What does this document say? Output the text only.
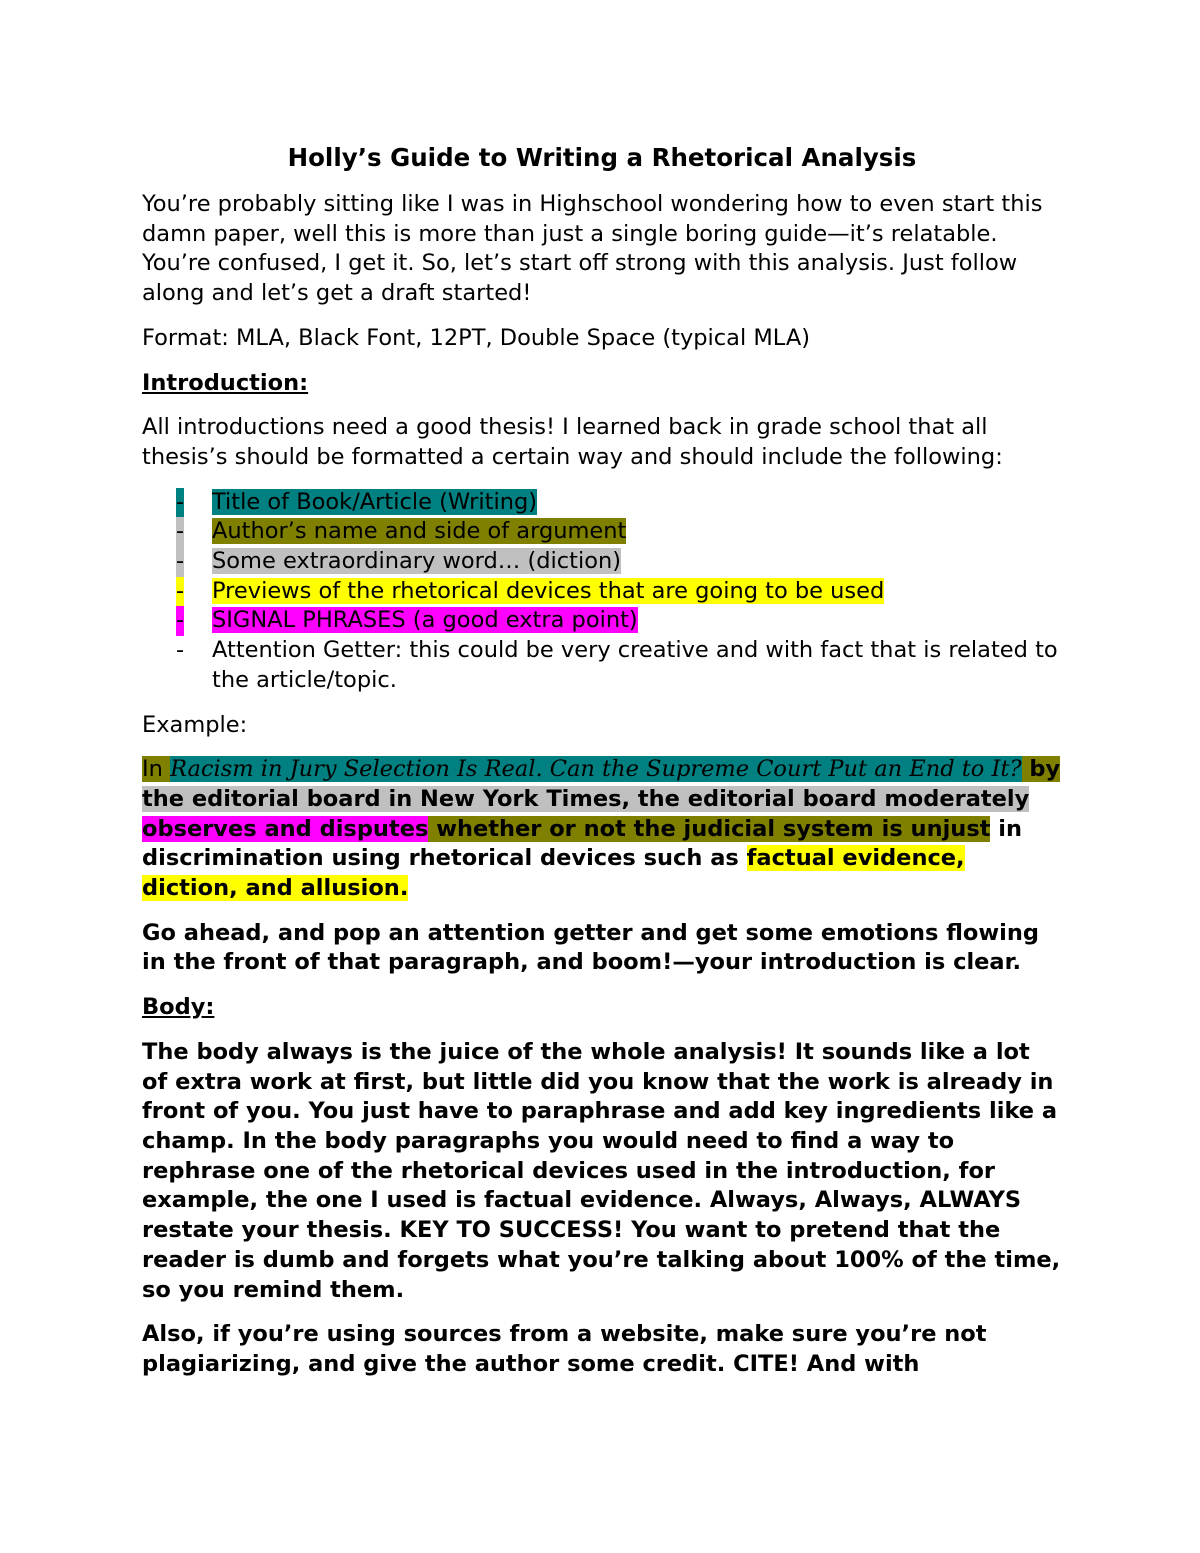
Holly’s Guide to Writing a Rhetorical Analysis

You’re probably sitting like I was in Highschool wondering how to even start this damn paper, well this is more than just a single boring guide—it’s relatable. You’re confused, I get it. So, let’s start off strong with this analysis. Just follow along and let’s get a draft started!

Format: MLA, Black Font, 12PT, Double Space (typical MLA)

Introduction:

All introductions need a good thesis! I learned back in grade school that all thesis’s should be formatted a certain way and should include the following:

- Title of Book/Article (Writing)
- Author’s name and side of argument
- Some extraordinary word… (diction)
- Previews of the rhetorical devices that are going to be used
- SIGNAL PHRASES (a good extra point)
- Attention Getter: this could be very creative and with fact that is related to the article/topic.

Example:

In Racism in Jury Selection Is Real. Can the Supreme Court Put an End to It? by the editorial board in New York Times, the editorial board moderately observes and disputes whether or not the judicial system is unjust in discrimination using rhetorical devices such as factual evidence, diction, and allusion.

Go ahead, and pop an attention getter and get some emotions flowing in the front of that paragraph, and boom!—your introduction is clear.

Body:

The body always is the juice of the whole analysis! It sounds like a lot of extra work at first, but little did you know that the work is already in front of you. You just have to paraphrase and add key ingredients like a champ. In the body paragraphs you would need to find a way to rephrase one of the rhetorical devices used in the introduction, for example, the one I used is factual evidence. Always, Always, ALWAYS restate your thesis. KEY TO SUCCESS! You want to pretend that the reader is dumb and forgets what you’re talking about 100% of the time, so you remind them.

Also, if you’re using sources from a website, make sure you’re not plagiarizing, and give the author some credit. CITE! And with
